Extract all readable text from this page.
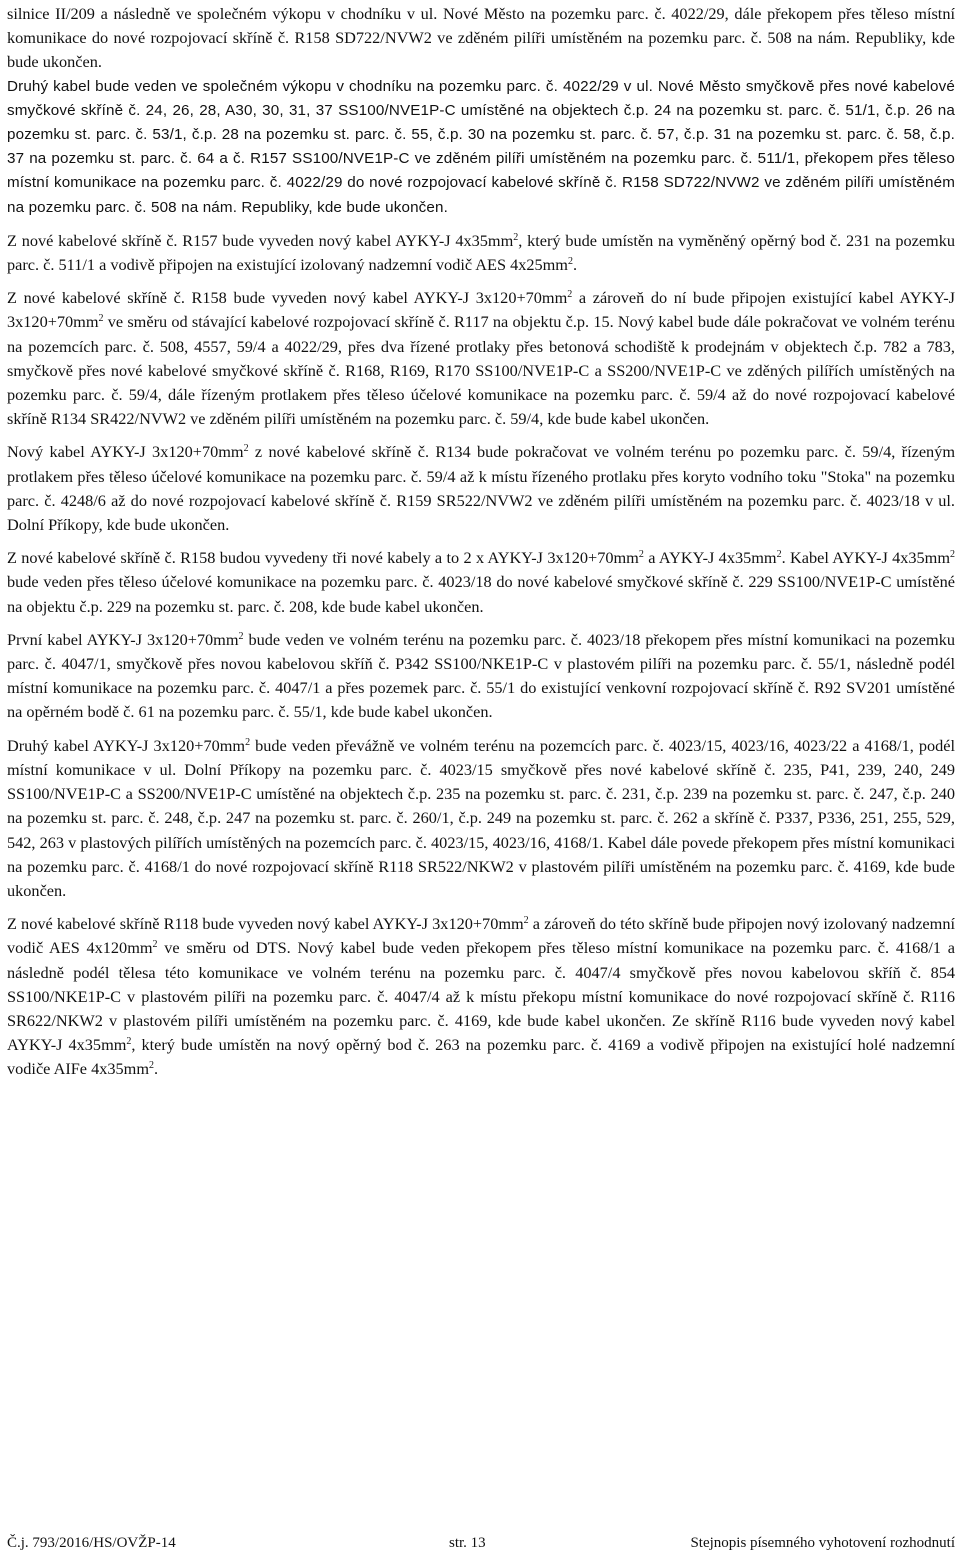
silnice II/209 a následně ve společném výkopu v chodníku v ul. Nové Město na pozemku parc. č. 4022/29, dále překopem přes těleso místní komunikace do nové rozpojovací skříně č. R158 SD722/NVW2 ve zděném pilíři umístěném na pozemku parc. č. 508 na nám. Republiky, kde bude ukončen.

Druhý kabel bude veden ve společném výkopu v chodníku na pozemku parc. č. 4022/29 v ul. Nové Město smyčkově přes nové kabelové smyčkové skříně č. 24, 26, 28, A30, 30, 31, 37 SS100/NVE1P-C umístěné na objektech č.p. 24 na pozemku st. parc. č. 51/1, č.p. 26 na pozemku st. parc. č. 53/1, č.p. 28 na pozemku st. parc. č. 55, č.p. 30 na pozemku st. parc. č. 57, č.p. 31 na pozemku st. parc. č. 58, č.p. 37 na pozemku st. parc. č. 64 a č. R157 SS100/NVE1P-C ve zděném pilíři umístěném na pozemku parc. č. 511/1, překopem přes těleso místní komunikace na pozemku parc. č. 4022/29 do nové rozpojovací kabelové skříně č. R158 SD722/NVW2 ve zděném pilíři umístěném na pozemku parc. č. 508 na nám. Republiky, kde bude ukončen.

Z nové kabelové skříně č. R157 bude vyveden nový kabel AYKY-J $4x35mm^2$, který bude umístěn na vyměněný opěrný bod č. 231 na pozemku parc. č. 511/1 a vodivě připojen na existující izolovaný nadzemní vodič AES $4x25mm^2$.

Z nové kabelové skříně č. R158 bude vyveden nový kabel AYKY-J $3x120+70mm^2$ a zároveň do ní bude připojen existující kabel AYKY-J $3x120+70mm^2$ ve směru od stávající kabelové rozpojovací skříně č. R117 na objektu č.p. 15. Nový kabel bude dále pokračovat ve volném terénu na pozemcích parc. č. 508, 4557, 59/4 a 4022/29, přes dva řízené protlaky přes betonová schodiště k prodejnám v objektech č.p. 782 a 783, smyčkově přes nové kabelové smyčkové skříně č. R168, R169, R170 SS100/NVE1P-C a SS200/NVE1P-C ve zděných pilířích umístěných na pozemku parc. č. 59/4, dále řízeným protlakem přes těleso účelové komunikace na pozemku parc. č. 59/4 až do nové rozpojovací kabelové skříně R134 SR422/NVW2 ve zděném pilíři umístěném na pozemku parc. č. 59/4, kde bude kabel ukončen.

Nový kabel AYKY-J $3x120+70mm^2$ z nové kabelové skříně č. R134 bude pokračovat ve volném terénu po pozemku parc. č. 59/4, řízeným protlakem přes těleso účelové komunikace na pozemku parc. č. 59/4 až k místu řízeného protlaku přes koryto vodního toku "Stoka" na pozemku parc. č. 4248/6 až do nové rozpojovací kabelové skříně č. R159 SR522/NVW2 ve zděném pilíři umístěném na pozemku parc. č. 4023/18 v ul. Dolní Příkopy, kde bude ukončen.

Z nové kabelové skříně č. R158 budou vyvedeny tři nové kabely a to 2 x AYKY-J $3x120+70mm^2$ a AYKY-J $4x35mm^2$. Kabel AYKY-J $4x35mm^2$ bude veden přes těleso účelové komunikace na pozemku parc. č. 4023/18 do nové kabelové smyčkové skříně č. 229 SS100/NVE1P-C umístěné na objektu č.p. 229 na pozemku st. parc. č. 208, kde bude kabel ukončen.

První kabel AYKY-J $3x120+70mm^2$ bude veden ve volném terénu na pozemku parc. č. 4023/18 překopem přes místní komunikaci na pozemku parc. č. 4047/1, smyčkově přes novou kabelovou skříň č. P342 SS100/NKE1P-C v plastovém pilíři na pozemku parc. č. 55/1, následně podél místní komunikace na pozemku parc. č. 4047/1 a přes pozemek parc. č. 55/1 do existující venkovní rozpojovací skříně č. R92 SV201 umístěné na opěrném bodě č. 61 na pozemku parc. č. 55/1, kde bude kabel ukončen.

Druhý kabel AYKY-J $3x120+70mm^2$ bude veden převážně ve volném terénu na pozemcích parc. č. 4023/15, 4023/16, 4023/22 a 4168/1, podél místní komunikace v ul. Dolní Příkopy na pozemku parc. č. 4023/15 smyčkově přes nové kabelové skříně č. 235, P41, 239, 240, 249 SS100/NVE1P-C a SS200/NVE1P-C umístěné na objektech č.p. 235 na pozemku st. parc. č. 231, č.p. 239 na pozemku st. parc. č. 247, č.p. 240 na pozemku st. parc. č. 248, č.p. 247 na pozemku st. parc. č. 260/1, č.p. 249 na pozemku st. parc. č. 262 a skříně č. P337, P336, 251, 255, 529, 542, 263 v plastových pilířích umístěných na pozemcích parc. č. 4023/15, 4023/16, 4168/1. Kabel dále povede překopem přes místní komunikaci na pozemku parc. č. 4168/1 do nové rozpojovací skříně R118 SR522/NKW2 v plastovém pilíři umístěném na pozemku parc. č. 4169, kde bude ukončen.

Z nové kabelové skříně R118 bude vyveden nový kabel AYKY-J $3x120+70mm^2$ a zároveň do této skříně bude připojen nový izolovaný nadzemní vodič AES $4x120mm^2$ ve směru od DTS. Nový kabel bude veden překopem přes těleso místní komunikace na pozemku parc. č. 4168/1 a následně podél tělesa této komunikace ve volném terénu na pozemku parc. č. 4047/4 smyčkově přes novou kabelovou skříň č. 854 SS100/NKE1P-C v plastovém pilíři na pozemku parc. č. 4047/4 až k místu překopu místní komunikace do nové rozpojovací skříně č. R116 SR622/NKW2 v plastovém pilíři umístěném na pozemku parc. č. 4169, kde bude kabel ukončen. Ze skříně R116 bude vyveden nový kabel AYKY-J $4x35mm^2$, který bude umístěn na nový opěrný bod č. 263 na pozemku parc. č. 4169 a vodivě připojen na existující holé nadzemní vodiče AIFe $4x35mm^2$.

Č.j. 793/2016/HS/OVŽP-14	str. 13	Stejnopis písemného vyhotovení rozhodnutí
